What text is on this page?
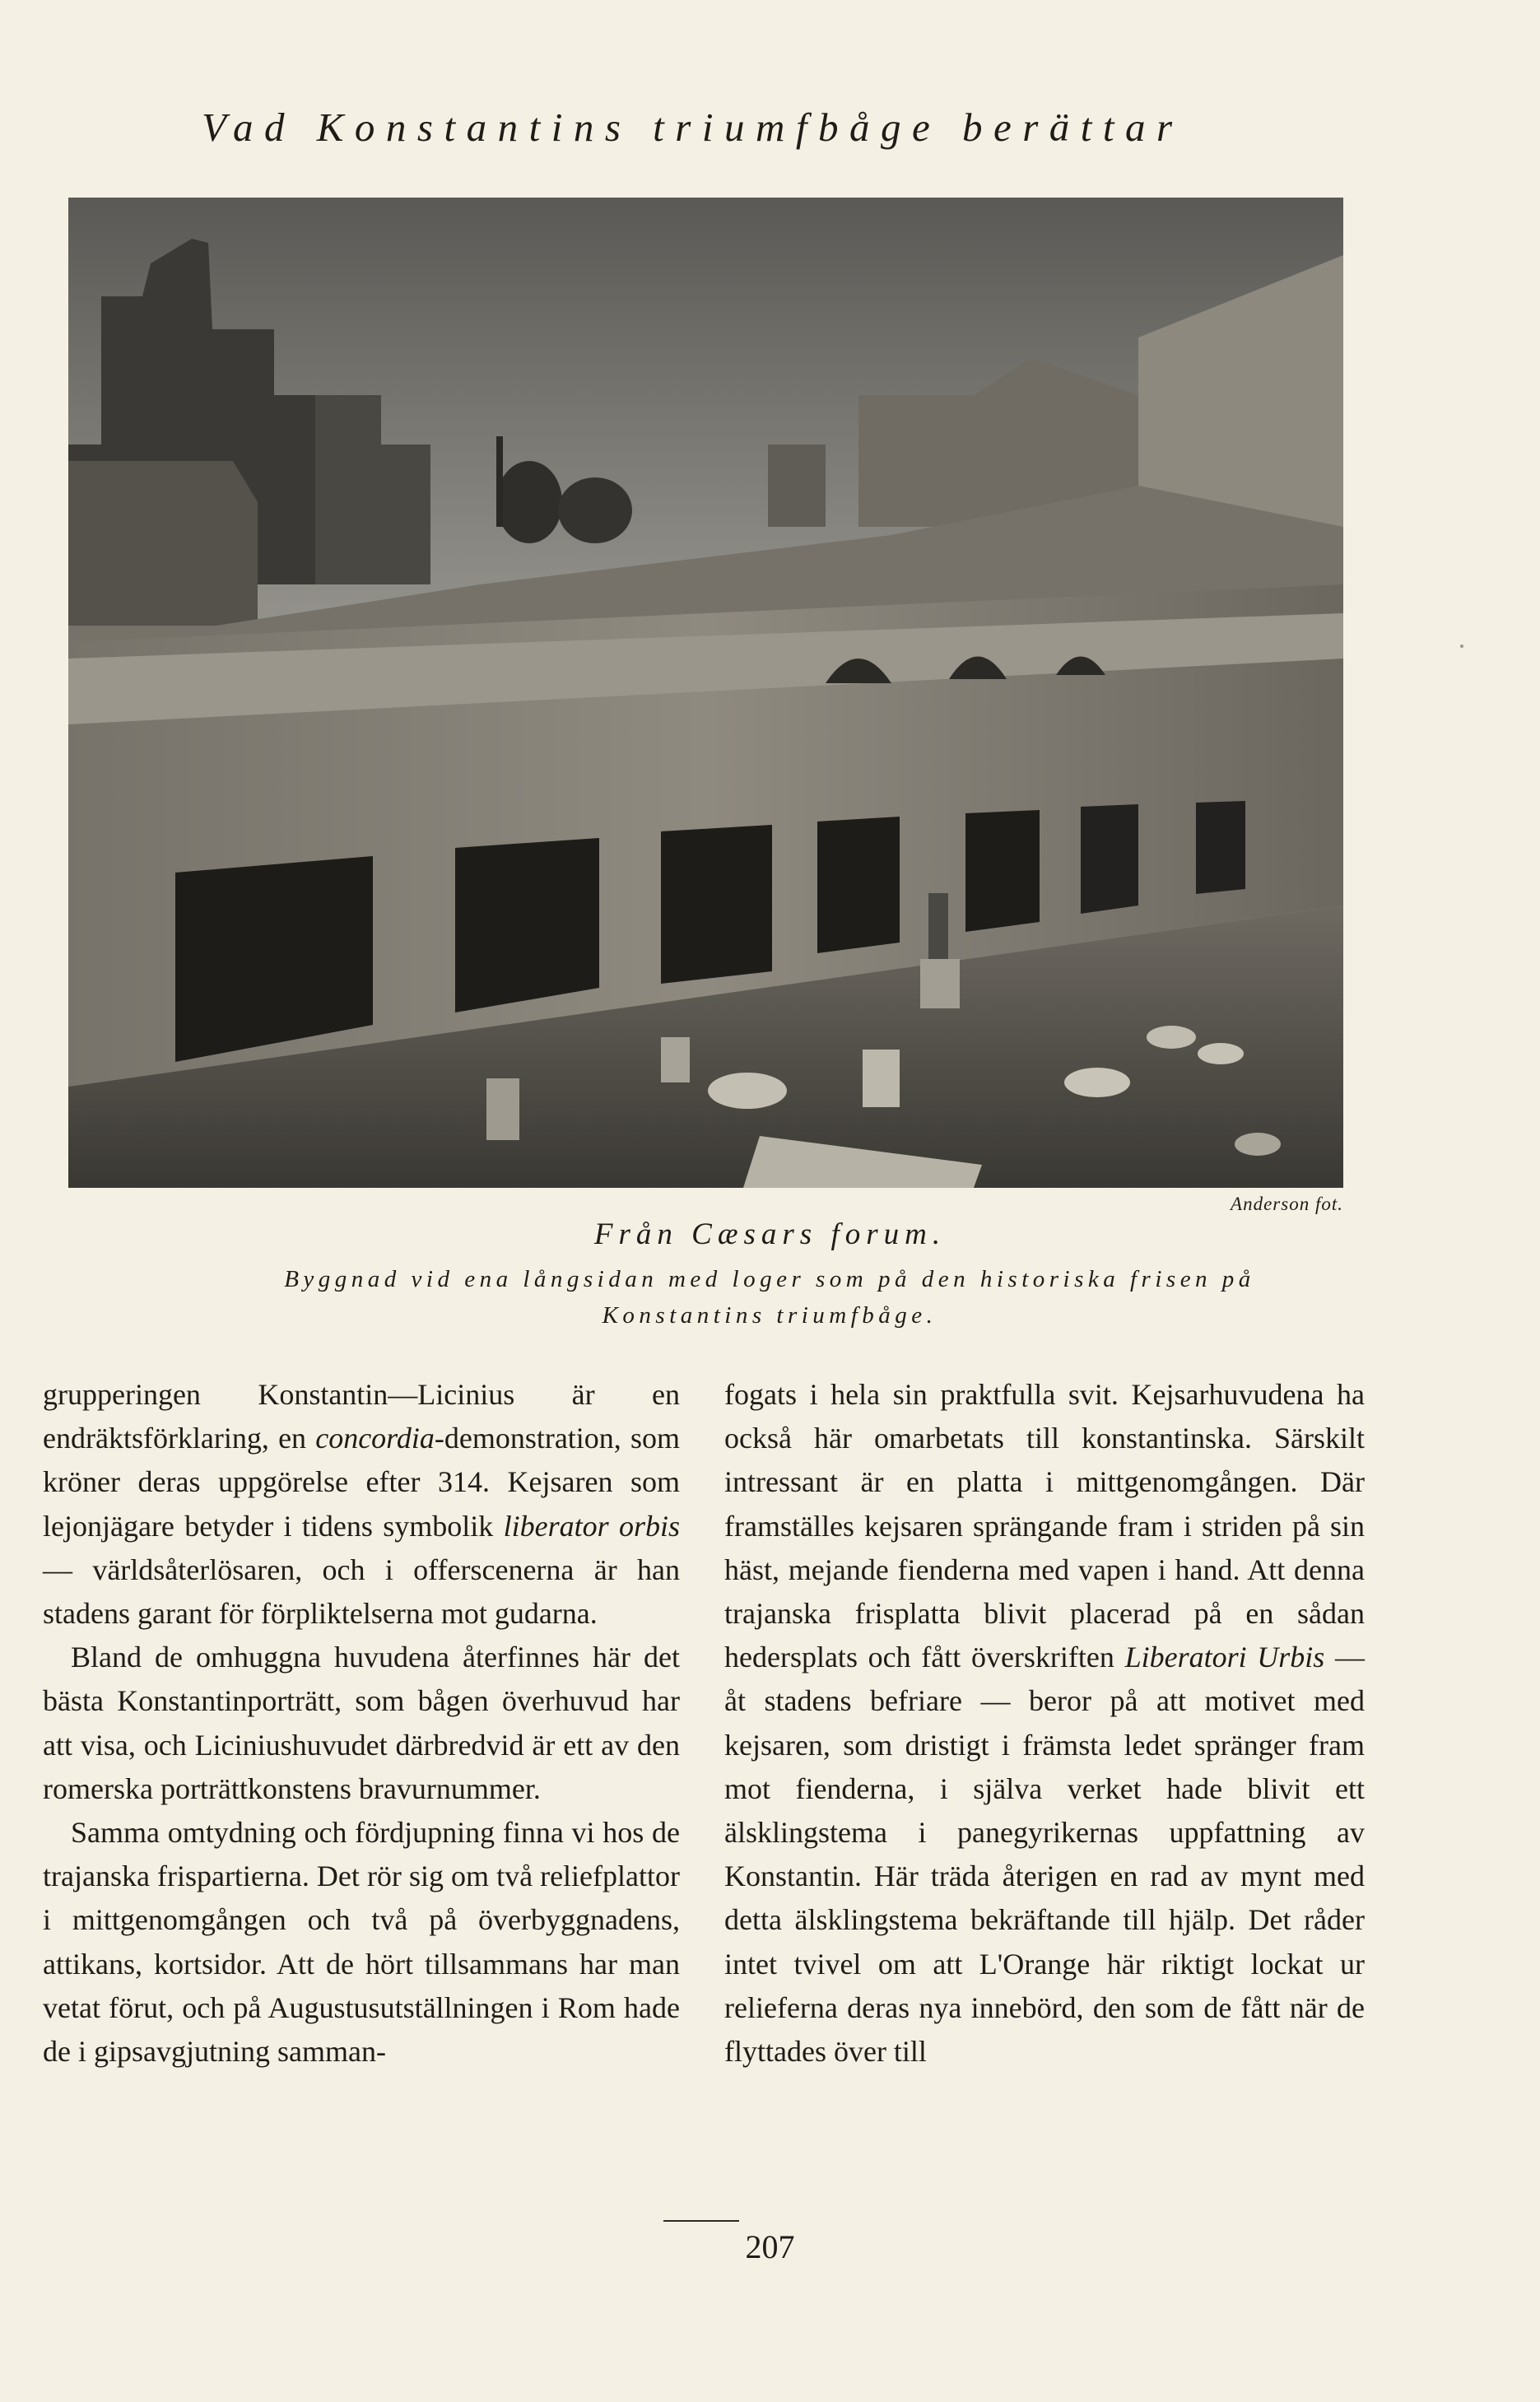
Vad Konstantins triumfbåge berättar
Anderson fot.
Från Cæsars forum.
Byggnad vid ena långsidan med loger som på den historiska frisen på
Konstantins triumfbåge.

grupperingen Konstantin—Licinius är en endräktsförklaring, en concordia-demonstration, som kröner deras uppgörelse efter 314. Kejsaren som lejonjägare betyder i tidens symbolik liberator orbis — världsåterlösaren, och i offerscenerna är han stadens garant för förpliktelserna mot gudarna.

Bland de omhuggna huvudena återfinnes här det bästa Konstantinporträtt, som bågen överhuvud har att visa, och Liciniushuvudet därbredvid är ett av den romerska porträttkonstens bravurnummer.

Samma omtydning och fördjupning finna vi hos de trajanska frispartierna. Det rör sig om två reliefplattor i mittgenomgången och två på överbyggnadens, attikans, kortsidor. Att de hört tillsammans har man vetat förut, och på Augustusutställningen i Rom hade de i gipsavgjutning samman-

fogats i hela sin praktfulla svit. Kejsarhuvudena ha också här omarbetats till konstantinska. Särskilt intressant är en platta i mittgenomgången. Där framställes kejsaren sprängande fram i striden på sin häst, mejande fienderna med vapen i hand. Att denna trajanska frisplatta blivit placerad på en sådan hedersplats och fått överskriften Liberatori Urbis — åt stadens befriare — beror på att motivet med kejsaren, som dristigt i främsta ledet spränger fram mot fienderna, i själva verket hade blivit ett älsklingstema i panegyrikernas uppfattning av Konstantin. Här träda återigen en rad av mynt med detta älsklingstema bekräftande till hjälp. Det råder intet tvivel om att L'Orange här riktigt lockat ur relieferna deras nya innebörd, den som de fått när de flyttades över till

207
